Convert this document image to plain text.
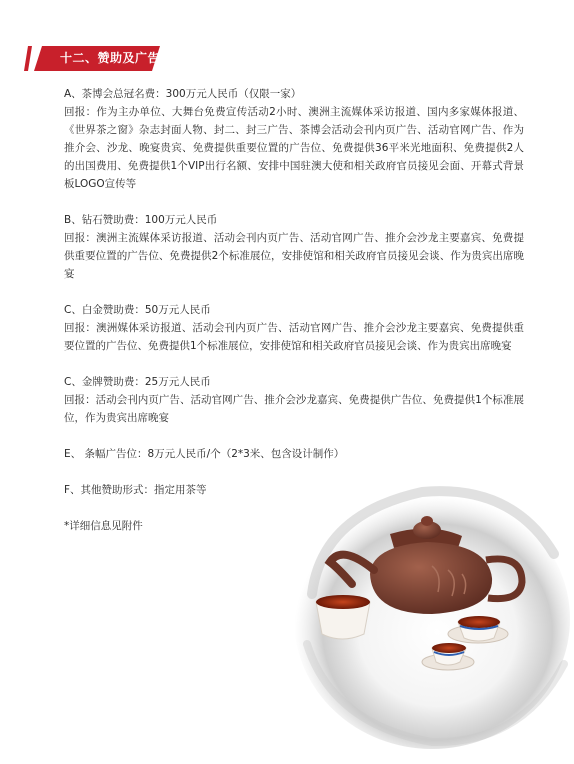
十二、赞助及广告
A、茶博会总冠名费：300万元人民币（仅限一家）
回报：作为主办单位、大舞台免费宣传活动2小时、澳洲主流媒体采访报道、国内多家媒体报道、《世界茶之窗》杂志封面人物、封二、封三广告、茶博会活动会刊内页广告、活动官网广告、作为推介会、沙龙、晚宴贵宾、免费提供重要位置的广告位、免费提供36平米光地面积、免费提供2人的出国费用、免费提供1个VIP出行名额、安排中国驻澳大使和相关政府官员接见会面、开幕式背景板LOGO宣传等
B、钻石赞助费：100万元人民币
回报：澳洲主流媒体采访报道、活动会刊内页广告、活动官网广告、推介会沙龙主要嘉宾、免费提供重要位置的广告位、免费提供2个标准展位，安排使馆和相关政府官员接见会谈、作为贵宾出席晚宴
C、白金赞助费：50万元人民币
回报：澳洲媒体采访报道、活动会刊内页广告、活动官网广告、推介会沙龙主要嘉宾、免费提供重要位置的广告位、免费提供1个标准展位，安排使馆和相关政府官员接见会谈、作为贵宾出席晚宴
C、金牌赞助费：25万元人民币
回报：活动会刊内页广告、活动官网广告、推介会沙龙嘉宾、免费提供广告位、免费提供1个标准展位，作为贵宾出席晚宴
E、 条幅广告位：8万元人民币/个（2*3米、包含设计制作）
F、其他赞助形式：指定用茶等
*详细信息见附件
